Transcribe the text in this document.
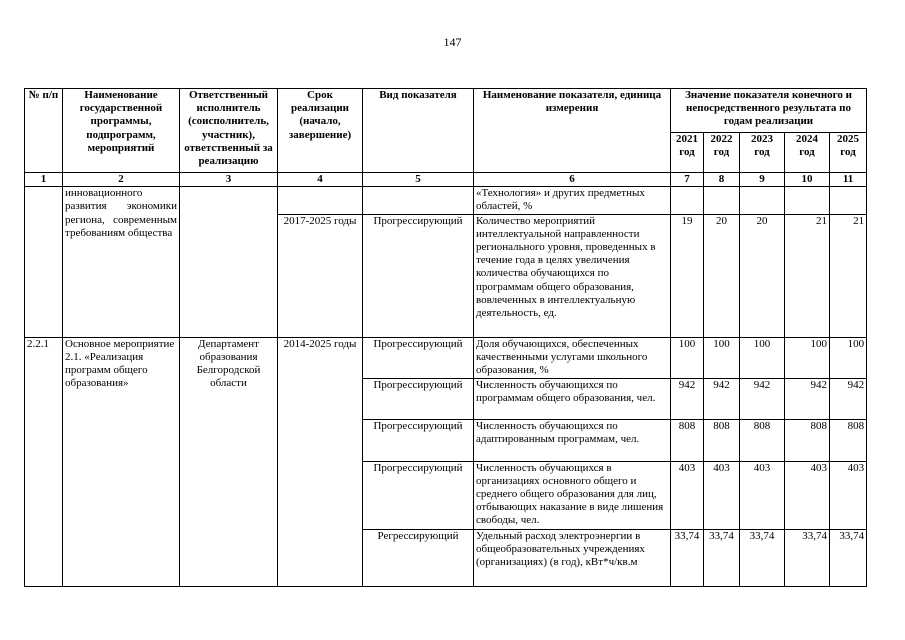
147
№ п/п	Наименование государственной программы, подпрограмм, мероприятий	Ответственный исполнитель (соисполнитель, участник), ответственный за реализацию	Срок реализации (начало, завершение)	Вид показателя	Наименование показателя, единица измерения	Значение показателя конечного и непосредственного результата по годам реализации				
						2021 год	2022 год	2023 год	2024 год	2025 год
1	2	3	4	5	6	7	8	9	10	11
	инновационного развития экономики региона, современным требованиям общества				«Технология» и других предметных областей, %					
			2017-2025 годы	Прогрессирующий	Количество мероприятий интеллектуальной направленности регионального уровня, проведенных в течение года в целях увеличения количества обучающихся по программам общего образования, вовлеченных в интеллектуальную деятельность, ед.	19	20	20	21	21
2.2.1	Основное мероприятие 2.1. «Реализация программ общего образования»	Департамент образования Белгородской области	2014-2025 годы	Прогрессирующий	Доля обучающихся, обеспеченных качественными услугами школьного образования, %	100	100	100	100	100
				Прогрессирующий	Численность обучающихся по программам общего образования, чел.	942	942	942	942	942
				Прогрессирующий	Численность обучающихся по адаптированным программам, чел.	808	808	808	808	808
				Прогрессирующий	Численность обучающихся в организациях основного общего и среднего общего образования для лиц, отбывающих наказание в виде лишения свободы, чел.	403	403	403	403	403
				Регрессирующий	Удельный расход электроэнергии в общеобразовательных учреждениях (организациях) (в год), кВт*ч/кв.м	33,74	33,74	33,74	33,74	33,74
